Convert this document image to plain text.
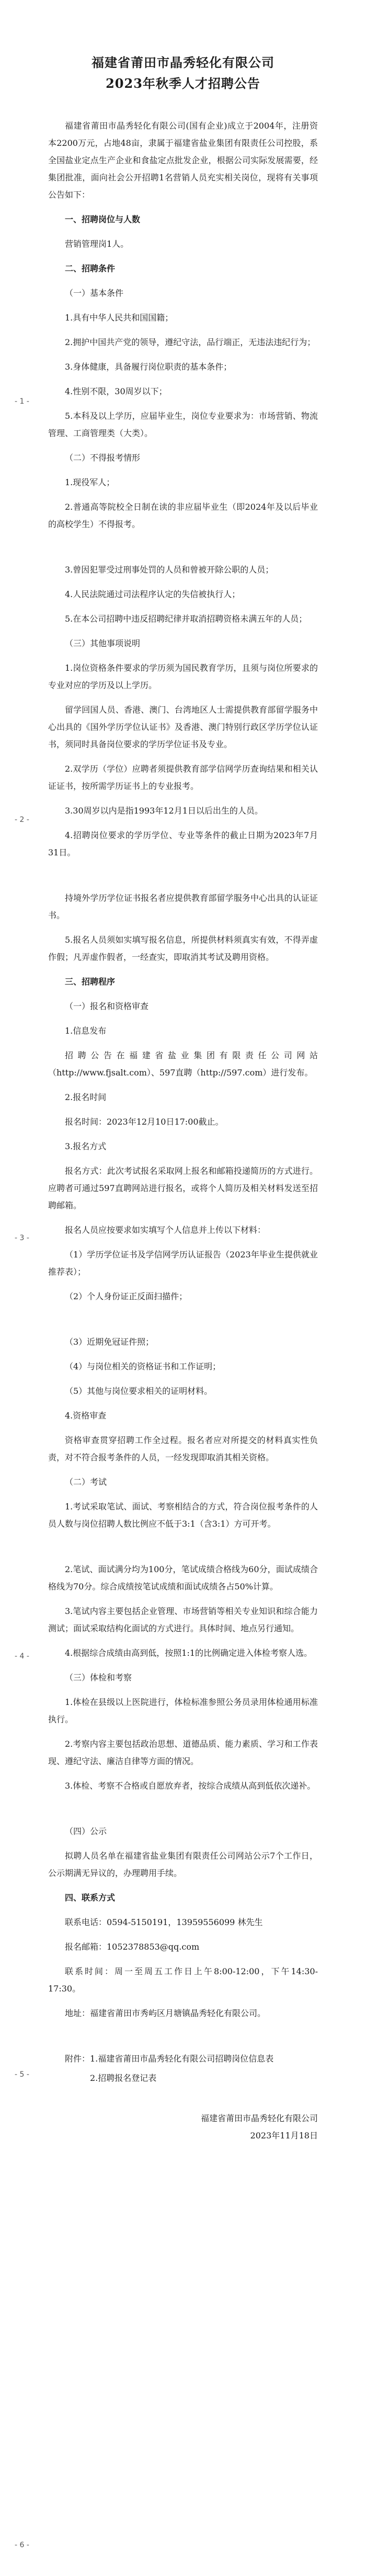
福建省莆田市晶秀轻化有限公司
2023年秋季人才招聘公告

福建省莆田市晶秀轻化有限公司(国有企业)成立于2004年，注册资本2200万元，占地48亩，隶属于福建省盐业集团有限责任公司控股，系全国盐业定点生产企业和食盐定点批发企业，根据公司实际发展需要，经集团批准，面向社会公开招聘1名营销人员充实相关岗位，现将有关事项公告如下：

一、招聘岗位与人数

营销管理岗1人。

二、招聘条件

（一）基本条件

1.具有中华人民共和国国籍；

2.拥护中国共产党的领导，遵纪守法，品行端正，无违法违纪行为；

3.身体健康，具备履行岗位职责的基本条件；

4.性别不限，30周岁以下；

5.本科及以上学历，应届毕业生，岗位专业要求为：市场营销、物流管理、工商管理类（大类）。

（二）不得报考情形

1.现役军人；

2.普通高等院校全日制在读的非应届毕业生（即2024年及以后毕业的高校学生）不得报考。

3.曾因犯罪受过刑事处罚的人员和曾被开除公职的人员；

4.人民法院通过司法程序认定的失信被执行人；

5.在本公司招聘中违反招聘纪律并取消招聘资格未满五年的人员；

（三）其他事项说明

1.岗位资格条件要求的学历须为国民教育学历，且须与岗位所要求的专业对应的学历及以上学历。

留学回国人员、香港、澳门、台湾地区人士需提供教育部留学服务中心出具的《国外学历学位认证书》及香港、澳门特别行政区学历学位认证书，须同时具备岗位要求的学历学位证书及专业。

2.双学历（学位）应聘者须提供教育部学信网学历查询结果和相关认证证书，按所需学历证书上的专业报考。

3.30周岁以内是指1993年12月1日以后出生的人员。

4.招聘岗位要求的学历学位、专业等条件的截止日期为2023年7月31日。

持境外学历学位证书报名者应提供教育部留学服务中心出具的认证证书。

5.报名人员须如实填写报名信息，所提供材料须真实有效，不得弄虚作假；凡弄虚作假者，一经查实，即取消其考试及聘用资格。

三、招聘程序

（一）报名和资格审查

1.信息发布

招聘公告在福建省盐业集团有限责任公司网站（http://www.fjsalt.com）、597直聘（http://597.com）进行发布。

2.报名时间

报名时间：2023年12月10日17:00截止。

3.报名方式

报名方式：此次考试报名采取网上报名和邮箱投递简历的方式进行。应聘者可通过597直聘网站进行报名，或将个人简历及相关材料发送至招聘邮箱。

报名人员应按要求如实填写个人信息并上传以下材料：

（1）学历学位证书及学信网学历认证报告（2023年毕业生提供就业推荐表）；

（2）个人身份证正反面扫描件；

（3）近期免冠证件照；

（4）与岗位相关的资格证书和工作证明；

（5）其他与岗位要求相关的证明材料。

4.资格审查

资格审查贯穿招聘工作全过程。报名者应对所提交的材料真实性负责，对不符合报考条件的人员，一经发现即取消其相关资格。

（二）考试

1.考试采取笔试、面试、考察相结合的方式，符合岗位报考条件的人员人数与岗位招聘人数比例应不低于3:1（含3:1）方可开考。

2.笔试、面试满分均为100分，笔试成绩合格线为60分，面试成绩合格线为70分。综合成绩按笔试成绩和面试成绩各占50%计算。

3.笔试内容主要包括企业管理、市场营销等相关专业知识和综合能力测试；面试采取结构化面试的方式进行。具体时间、地点另行通知。

4.根据综合成绩由高到低，按照1:1的比例确定进入体检考察人选。

（三）体检和考察

1.体检在县级以上医院进行，体检标准参照公务员录用体检通用标准执行。

2.考察内容主要包括政治思想、道德品质、能力素质、学习和工作表现、遵纪守法、廉洁自律等方面的情况。

3.体检、考察不合格或自愿放弃者，按综合成绩从高到低依次递补。

（四）公示

拟聘人员名单在福建省盐业集团有限责任公司网站公示7个工作日，公示期满无异议的，办理聘用手续。

四、联系方式

联系电话：0594-5150191，13959556099 林先生

报名邮箱：1052378853@qq.com

联系时间：周一至周五工作日上午8:00-12:00，下午14:30-17:30。

地址：福建省莆田市秀屿区月塘镇晶秀轻化有限公司。

附件：1.福建省莆田市晶秀轻化有限公司招聘岗位信息表

2.招聘报名登记表

福建省莆田市晶秀轻化有限公司

2023年11月18日

- 1 -
- 2 -
- 3 -
- 4 -
- 5 -
- 6 -
